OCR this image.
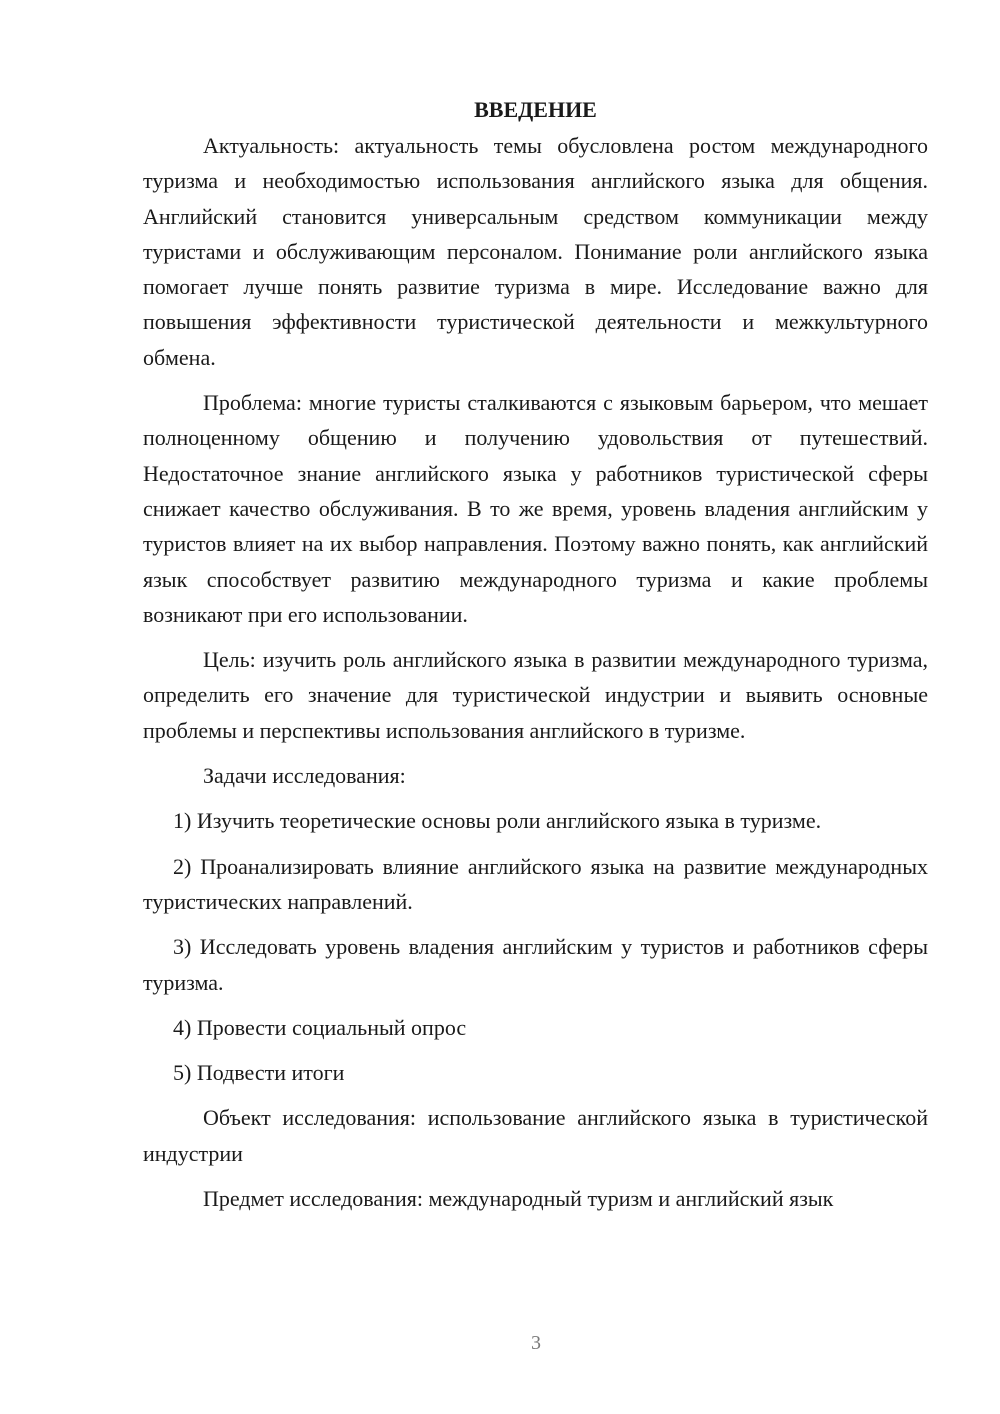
ВВЕДЕНИЕ

Актуальность: актуальность темы обусловлена ростом международного туризма и необходимостью использования английского языка для общения. Английский становится универсальным средством коммуникации между туристами и обслуживающим персоналом. Понимание роли английского языка помогает лучше понять развитие туризма в мире. Исследование важно для повышения эффективности туристической деятельности и межкультурного обмена.

Проблема: многие туристы сталкиваются с языковым барьером, что мешает полноценному общению и получению удовольствия от путешествий. Недостаточное знание английского языка у работников туристической сферы снижает качество обслуживания. В то же время, уровень владения английским у туристов влияет на их выбор направления. Поэтому важно понять, как английский язык способствует развитию международного туризма и какие проблемы возникают при его использовании.

Цель: изучить роль английского языка в развитии международного туризма, определить его значение для туристической индустрии и выявить основные проблемы и перспективы использования английского в туризме.

Задачи исследования:

1) Изучить теоретические основы роли английского языка в туризме.

2) Проанализировать влияние английского языка на развитие международных туристических направлений.

3) Исследовать уровень владения английским у туристов и работников сферы туризма.

4) Провести социальный опрос

5) Подвести итоги

Объект исследования: использование английского языка в туристической индустрии

Предмет исследования: международный туризм и английский язык

3
